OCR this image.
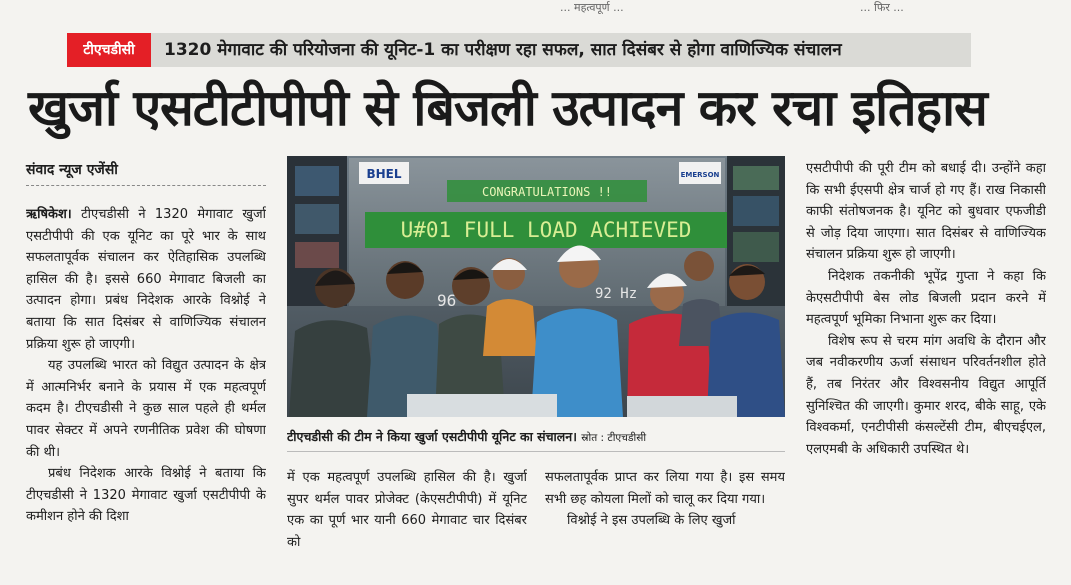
... महत्वपूर्ण ...	... फिर ...
टीएचडीसी	1320 मेगावाट की परियोजना की यूनिट-1 का परीक्षण रहा सफल, सात दिसंबर से होगा वाणिज्यिक संचालन
खुर्जा एसटीटीपीपी से बिजली उत्पादन कर रचा इतिहास
संवाद न्यूज एजेंसी

ऋषिकेश। टीएचडीसी ने 1320 मेगावाट खुर्जा एसटीपीपी की एक यूनिट का पूरे भार के साथ सफलतापूर्वक संचालन कर ऐतिहासिक उपलब्धि हासिल की है। इससे 660 मेगावाट बिजली का उत्पादन होगा। प्रबंध निदेशक आरके विश्नोई ने बताया कि सात दिसंबर से वाणिज्यिक संचालन प्रक्रिया शुरू हो जाएगी।

यह उपलब्धि भारत को विद्युत उत्पादन के क्षेत्र में आत्मनिर्भर बनाने के प्रयास में एक महत्वपूर्ण कदम है। टीएचडीसी ने कुछ साल पहले ही थर्मल पावर सेक्टर में अपने रणनीतिक प्रवेश की घोषणा की थी।

प्रबंध निदेशक आरके विश्नोई ने बताया कि टीएचडीसी ने 1320 मेगावाट खुर्जा एसटीपीपी के कमीशन होने की दिशा

BHEL	EMERSON
CONGRATULATIONS !!
U#01 FULL LOAD ACHIEVED
96	92 Hz
टीएचडीसी की टीम ने किया खुर्जा एसटीपीपी यूनिट का संचालन। स्रोत : टीएचडीसी

में एक महत्वपूर्ण उपलब्धि हासिल की है। खुर्जा सुपर थर्मल पावर प्रोजेक्ट (केएसटीपीपी) में यूनिट एक का पूर्ण भार यानी 660 मेगावाट चार दिसंबर को

सफलतापूर्वक प्राप्त कर लिया गया है। इस समय सभी छह कोयला मिलों को चालू कर दिया गया।

विश्नोई ने इस उपलब्धि के लिए खुर्जा

एसटीपीपी की पूरी टीम को बधाई दी। उन्होंने कहा कि सभी ईएसपी क्षेत्र चार्ज हो गए हैं। राख निकासी काफी संतोषजनक है। यूनिट को बुधवार एफजीडी से जोड़ दिया जाएगा। सात दिसंबर से वाणिज्यिक संचालन प्रक्रिया शुरू हो जाएगी।

निदेशक तकनीकी भूपेंद्र गुप्ता ने कहा कि केएसटीपीपी बेस लोड बिजली प्रदान करने में महत्वपूर्ण भूमिका निभाना शुरू कर दिया।

विशेष रूप से चरम मांग अवधि के दौरान और जब नवीकरणीय ऊर्जा संसाधन परिवर्तनशील होते हैं, तब निरंतर और विश्वसनीय विद्युत आपूर्ति सुनिश्चित की जाएगी। कुमार शरद, बीके साहू, एके विश्वकर्मा, एनटीपीसी कंसल्टेंसी टीम, बीएचईएल, एलएमबी के अधिकारी उपस्थित थे।
